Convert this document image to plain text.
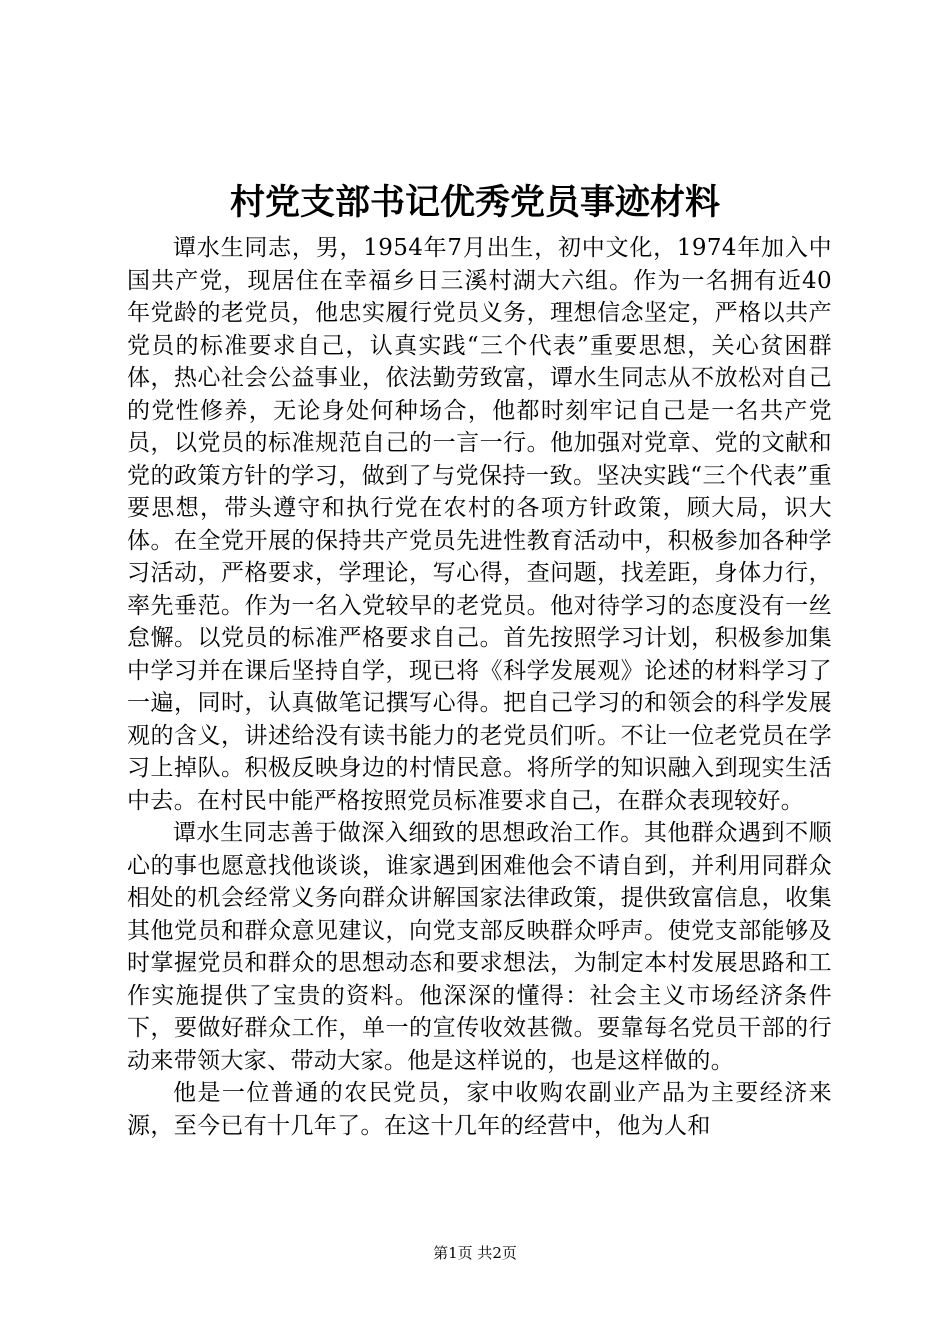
村党支部书记优秀党员事迹材料

谭水生同志，男，1954年7月出生，初中文化，1974年加入中国共产党，现居住在幸福乡日三溪村湖大六组。作为一名拥有近40年党龄的老党员，他忠实履行党员义务，理想信念坚定，严格以共产党员的标准要求自己，认真实践“三个代表”重要思想，关心贫困群体，热心社会公益事业，依法勤劳致富，谭水生同志从不放松对自己的党性修养，无论身处何种场合，他都时刻牢记自己是一名共产党员，以党员的标准规范自己的一言一行。他加强对党章、党的文献和党的政策方针的学习，做到了与党保持一致。坚决实践“三个代表”重要思想，带头遵守和执行党在农村的各项方针政策，顾大局，识大体。在全党开展的保持共产党员先进性教育活动中，积极参加各种学习活动，严格要求，学理论，写心得，查问题，找差距，身体力行，率先垂范。作为一名入党较早的老党员。他对待学习的态度没有一丝怠懈。以党员的标准严格要求自己。首先按照学习计划，积极参加集中学习并在课后坚持自学，现已将《科学发展观》论述的材料学习了一遍，同时，认真做笔记撰写心得。把自己学习的和领会的科学发展观的含义，讲述给没有读书能力的老党员们听。不让一位老党员在学习上掉队。积极反映身边的村情民意。将所学的知识融入到现实生活中去。在村民中能严格按照党员标准要求自己，在群众表现较好。

谭水生同志善于做深入细致的思想政治工作。其他群众遇到不顺心的事也愿意找他谈谈，谁家遇到困难他会不请自到，并利用同群众相处的机会经常义务向群众讲解国家法律政策，提供致富信息，收集其他党员和群众意见建议，向党支部反映群众呼声。使党支部能够及时掌握党员和群众的思想动态和要求想法，为制定本村发展思路和工作实施提供了宝贵的资料。他深深的懂得：社会主义市场经济条件下，要做好群众工作，单一的宣传收效甚微。要靠每名党员干部的行动来带领大家、带动大家。他是这样说的，也是这样做的。

他是一位普通的农民党员，家中收购农副业产品为主要经济来源，至今已有十几年了。在这十几年的经营中，他为人和

第1页 共2页
